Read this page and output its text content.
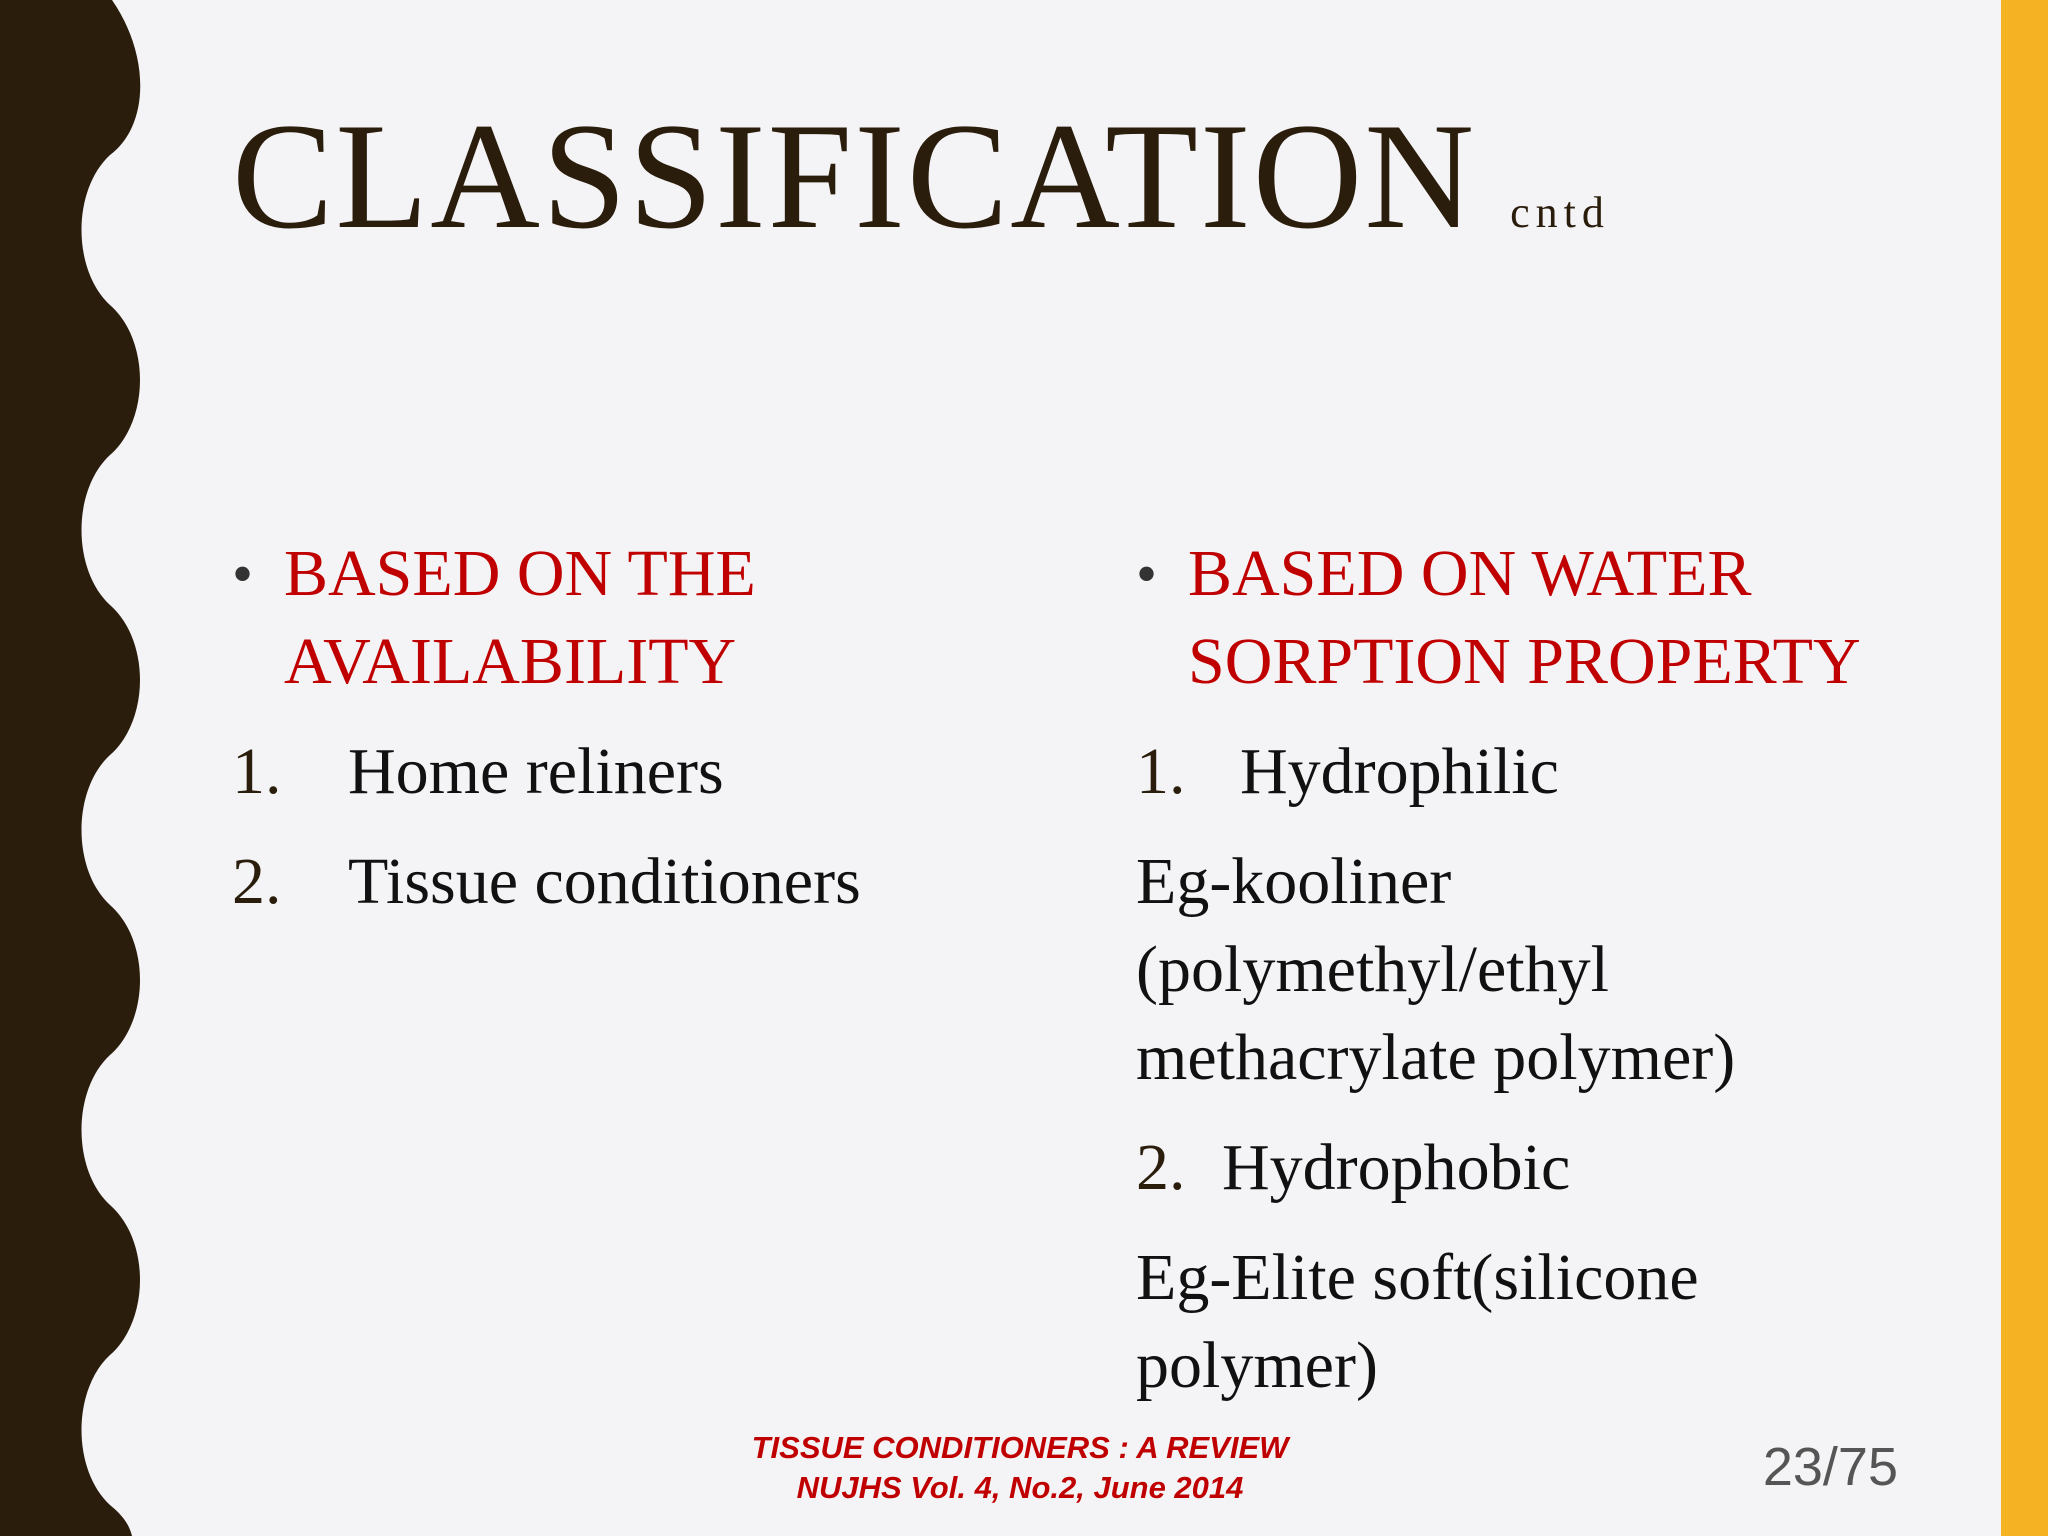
CLASSIFICATION cntd
• BASED ON THE
AVAILABILITY
1.	Home reliners
2.	Tissue conditioners
• BASED ON WATER
SORPTION PROPERTY
1. Hydrophilic
Eg-kooliner
(polymethyl/ethyl
methacrylate polymer)
2. Hydrophobic
Eg-Elite soft(silicone
polymer)
TISSUE CONDITIONERS : A REVIEW
NUJHS Vol. 4, No.2, June 2014	23/75
